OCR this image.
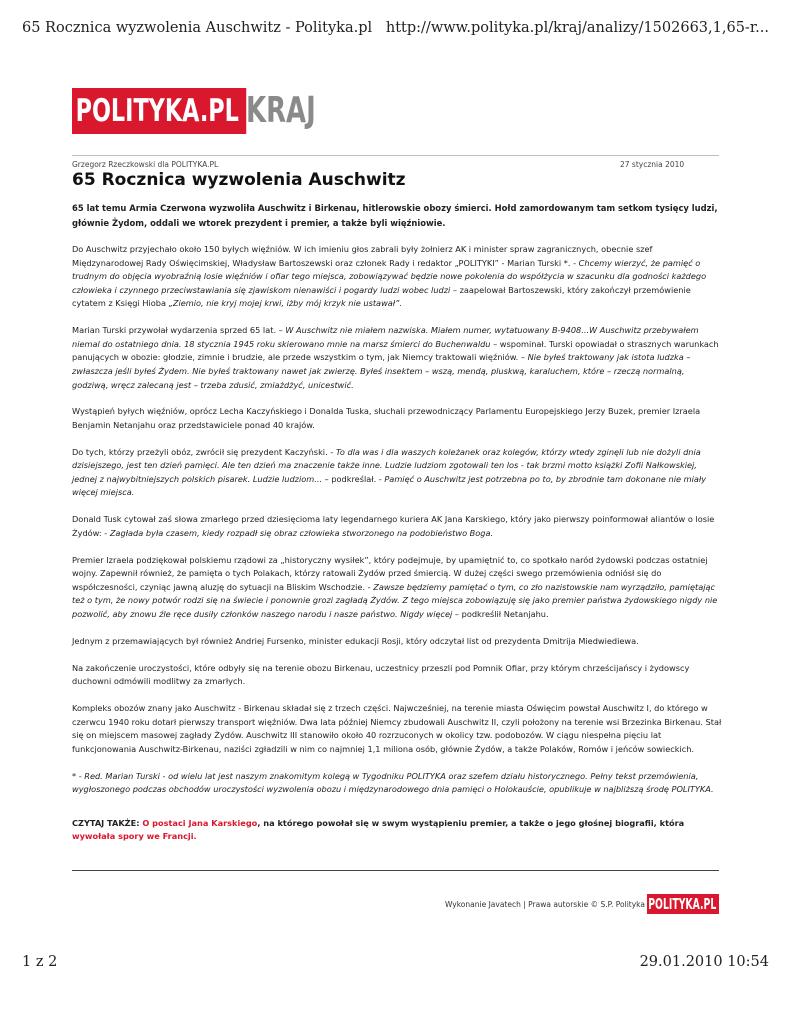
65 Rocznica wyzwolenia Auschwitz - Polityka.pl http://www.polityka.pl/kraj/analizy/1502663,1,65-r...
POLITYKA.PL KRAJ
Grzegorz Rzeczkowski dla POLITYKA.PL	27 stycznia 2010
65 Rocznica wyzwolenia Auschwitz

65 lat temu Armia Czerwona wyzwoliła Auschwitz i Birkenau, hitlerowskie obozy śmierci. Hołd zamordowanym tam setkom tysięcy ludzi, głównie Żydom, oddali we wtorek prezydent i premier, a także byli więźniowie.

Do Auschwitz przyjechało około 150 byłych więźniów. W ich imieniu głos zabrali były żołnierz AK i minister spraw zagranicznych, obecnie szef Międzynarodowej Rady Oświęcimskiej, Władysław Bartoszewski oraz członek Rady i redaktor „POLITYKI” - Marian Turski *. - Chcemy wierzyć, że pamięć o trudnym do objęcia wyobraźnią losie więźniów i ofiar tego miejsca, zobowiązywać będzie nowe pokolenia do współżycia w szacunku dla godności każdego człowieka i czynnego przeciwstawiania się zjawiskom nienawiści i pogardy ludzi wobec ludzi – zaapelował Bartoszewski, który zakończył przemówienie cytatem z Księgi Hioba „Ziemio, nie kryj mojej krwi, iżby mój krzyk nie ustawał”.

Marian Turski przywołał wydarzenia sprzed 65 lat. – W Auschwitz nie miałem nazwiska. Miałem numer, wytatuowany B-9408...W Auschwitz przebywałem niemal do ostatniego dnia. 18 stycznia 1945 roku skierowano mnie na marsz śmierci do Buchenwaldu – wspominał. Turski opowiadał o strasznych warunkach panujących w obozie: głodzie, zimnie i brudzie, ale przede wszystkim o tym, jak Niemcy traktowali więźniów. – Nie byłeś traktowany jak istota ludzka – zwłaszcza jeśli byłeś Żydem. Nie byłeś traktowany nawet jak zwierzę. Byłeś insektem – wszą, mendą, pluskwą, karaluchem, które – rzeczą normalną, godziwą, wręcz zalecaną jest – trzeba zdusić, zmiażdżyć, unicestwić.

Wystąpień byłych więźniów, oprócz Lecha Kaczyńskiego i Donalda Tuska, słuchali przewodniczący Parlamentu Europejskiego Jerzy Buzek, premier Izraela Benjamin Netanjahu oraz przedstawiciele ponad 40 krajów.

Do tych, którzy przeżyli obóz, zwrócił się prezydent Kaczyński. - To dla was i dla waszych koleżanek oraz kolegów, którzy wtedy zginęli lub nie dożyli dnia dzisiejszego, jest ten dzień pamięci. Ale ten dzień ma znaczenie także inne. Ludzie ludziom zgotowali ten los - tak brzmi motto książki Zofii Nałkowskiej, jednej z najwybitniejszych polskich pisarek. Ludzie ludziom... – podkreślał. - Pamięć o Auschwitz jest potrzebna po to, by zbrodnie tam dokonane nie miały więcej miejsca.

Donald Tusk cytował zaś słowa zmarłego przed dziesięcioma laty legendarnego kuriera AK Jana Karskiego, który jako pierwszy poinformował aliantów o losie Żydów: - Zagłada była czasem, kiedy rozpadł się obraz człowieka stworzonego na podobieństwo Boga.

Premier Izraela podziękował polskiemu rządowi za „historyczny wysiłek”, który podejmuje, by upamiętnić to, co spotkało naród żydowski podczas ostatniej wojny. Zapewnił również, że pamięta o tych Polakach, którzy ratowali Żydów przed śmiercią. W dużej części swego przemówienia odniósł się do współczesności, czyniąc jawną aluzję do sytuacji na Bliskim Wschodzie. - Zawsze będziemy pamiętać o tym, co zło nazistowskie nam wyrządziło, pamiętając też o tym, że nowy potwór rodzi się na świecie i ponownie grozi zagładą Żydów. Z tego miejsca zobowiązuję się jako premier państwa żydowskiego nigdy nie pozwolić, aby znowu źle ręce dusiły członków naszego narodu i nasze państwo. Nigdy więcej – podkreślił Netanjahu.

Jednym z przemawiających był również Andriej Fursenko, minister edukacji Rosji, który odczytał list od prezydenta Dmitrija Miedwiediewa.

Na zakończenie uroczystości, które odbyły się na terenie obozu Birkenau, uczestnicy przeszli pod Pomnik Ofiar, przy którym chrześcijańscy i żydowscy duchowni odmówili modlitwy za zmarłych.

Kompleks obozów znany jako Auschwitz - Birkenau składał się z trzech części. Najwcześniej, na terenie miasta Oświęcim powstał Auschwitz I, do którego w czerwcu 1940 roku dotarł pierwszy transport więźniów. Dwa lata później Niemcy zbudowali Auschwitz II, czyli położony na terenie wsi Brzezinka Birkenau. Stał się on miejscem masowej zagłady Żydów. Auschwitz III stanowiło około 40 rozrzuconych w okolicy tzw. podobozów. W ciągu niespełna pięciu lat funkcjonowania Auschwitz-Birkenau, naziści zgładzili w nim co najmniej 1,1 miliona osób, głównie Żydów, a także Polaków, Romów i jeńców sowieckich.

* - Red. Marian Turski - od wielu lat jest naszym znakomitym kolegą w Tygodniku POLITYKA oraz szefem działu historycznego. Pełny tekst przemówienia, wygłoszonego podczas obchodów uroczystości wyzwolenia obozu i międzynarodowego dnia pamięci o Holokauście, opublikuje w najbliższą środę POLITYKA.

CZYTAJ TAKŻE: O postaci Jana Karskiego, na którego powołał się w swym wystąpieniu premier, a także o jego głośnej biografii, która wywołała spory we Francji.

Wykonanie Javatech | Prawa autorskie © S.P. Polityka POLITYKA.PL
1 z 2	29.01.2010 10:54
